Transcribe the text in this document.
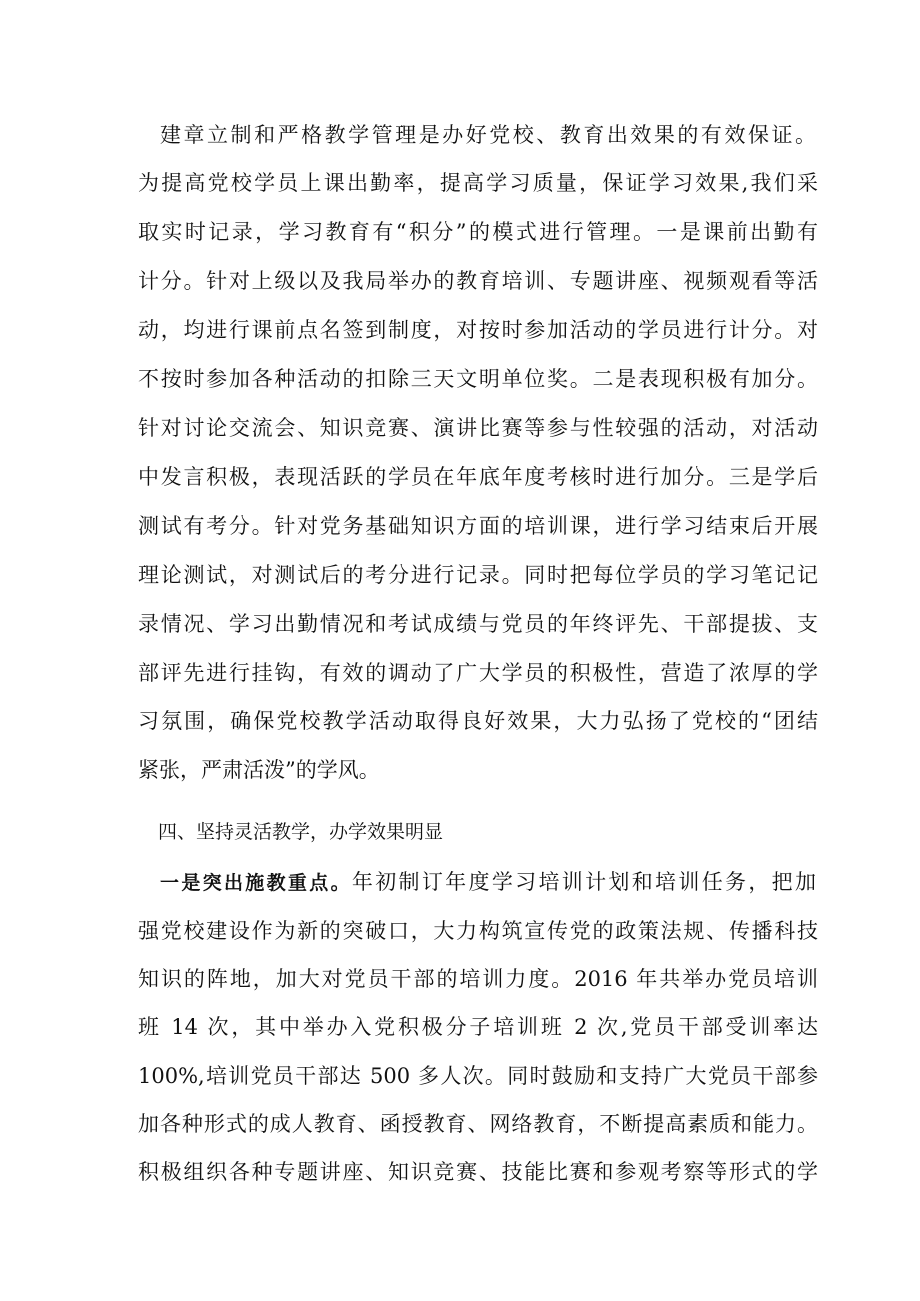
建章立制和严格教学管理是办好党校、教育出效果的有效保证。
为提高党校学员上课出勤率，提高学习质量，保证学习效果,我们采
取实时记录，学习教育有“积分”的模式进行管理。一是课前出勤有
计分。针对上级以及我局举办的教育培训、专题讲座、视频观看等活
动，均进行课前点名签到制度，对按时参加活动的学员进行计分。对
不按时参加各种活动的扣除三天文明单位奖。二是表现积极有加分。
针对讨论交流会、知识竞赛、演讲比赛等参与性较强的活动，对活动
中发言积极，表现活跃的学员在年底年度考核时进行加分。三是学后
测试有考分。针对党务基础知识方面的培训课，进行学习结束后开展
理论测试，对测试后的考分进行记录。同时把每位学员的学习笔记记
录情况、学习出勤情况和考试成绩与党员的年终评先、干部提拔、支
部评先进行挂钩，有效的调动了广大学员的积极性，营造了浓厚的学
习氛围，确保党校教学活动取得良好效果，大力弘扬了党校的“团结
紧张，严肃活泼”的学风。
四、坚持灵活教学，办学效果明显
一是突出施教重点。年初制订年度学习培训计划和培训任务，把加
强党校建设作为新的突破口，大力构筑宣传党的政策法规、传播科技
知识的阵地，加大对党员干部的培训力度。2016 年共举办党员培训
班 14 次，其中举办入党积极分子培训班 2 次,党员干部受训率达
100%,培训党员干部达 500 多人次。同时鼓励和支持广大党员干部参
加各种形式的成人教育、函授教育、网络教育，不断提高素质和能力。
积极组织各种专题讲座、知识竞赛、技能比赛和参观考察等形式的学
